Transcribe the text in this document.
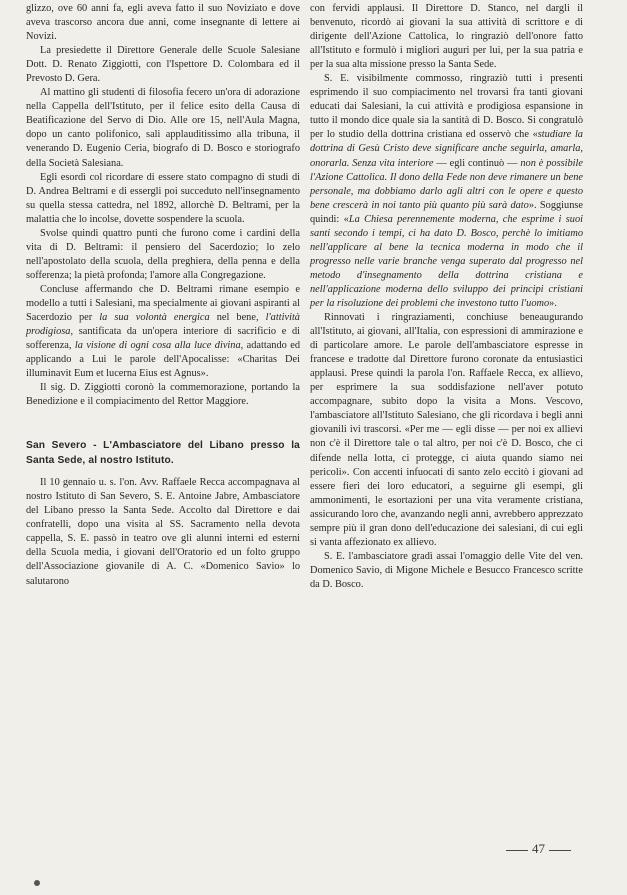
glizzo, ove 60 anni fa, egli aveva fatto il suo Noviziato e dove aveva trascorso ancora due anni, come insegnante di lettere ai Novizi.

La presiedette il Direttore Generale delle Scuole Salesiane Dott. D. Renato Ziggiotti, con l'Ispettore D. Colombara ed il Prevosto D. Gera.

Al mattino gli studenti di filosofia fecero un'ora di adorazione nella Cappella dell'Istituto, per il felice esito della Causa di Beatificazione del Servo di Dio. Alle ore 15, nell'Aula Magna, dopo un canto polifonico, sali applauditissimo alla tribuna, il venerando D. Eugenio Ceria, biografo di D. Bosco e storiografo della Società Salesiana.

Egli esordì col ricordare di essere stato compagno di studi di D. Andrea Beltrami e di essergli poi succeduto nell'insegnamento su quella stessa cattedra, nel 1892, allorchè D. Beltrami, per la malattia che lo incolse, dovette sospendere la scuola.

Svolse quindi quattro punti che furono come i cardini della vita di D. Beltrami: il pensiero del Sacerdozio; lo zelo nell'apostolato della scuola, della preghiera, della penna e della sofferenza; la pietà profonda; l'amore alla Congregazione.

Concluse affermando che D. Beltrami rimane esempio e modello a tutti i Salesiani, ma specialmente ai giovani aspiranti al Sacerdozio per la sua volontà energica nel bene, l'attività prodigiosa, santificata da un'opera interiore di sacrificio e di sofferenza, la visione di ogni cosa alla luce divina, adattando ed applicando a Lui le parole dell'Apocalisse: «Charitas Dei illuminavit Eum et lucerna Eius est Agnus».

Il sig. D. Ziggiotti coronò la commemorazione, portando la Benedizione e il compiacimento del Rettor Maggiore.

San Severo - L'Ambasciatore del Libano presso la Santa Sede, al nostro Istituto.

Il 10 gennaio u. s. l'on. Avv. Raffaele Recca accompagnava al nostro Istituto di San Severo, S. E. Antoine Jabre, Ambasciatore del Libano presso la Santa Sede. Accolto dal Direttore e dai confratelli, dopo una visita al SS. Sacramento nella devota cappella, S. E. passò in teatro ove gli alunni interni ed esterni della Scuola media, i giovani dell'Oratorio ed un folto gruppo dell'Associazione giovanile di A. C. «Domenico Savio» lo salutarono

con fervidi applausi. Il Direttore D. Stanco, nel dargli il benvenuto, ricordò ai giovani la sua attività di scrittore e di dirigente dell'Azione Cattolica, lo ringraziò dell'onore fatto all'Istituto e formulò i migliori auguri per lui, per la sua patria e per la sua alta missione presso la Santa Sede.

S. E. visibilmente commosso, ringraziò tutti i presenti esprimendo il suo compiacimento nel trovarsi fra tanti giovani educati dai Salesiani, la cui attività e prodigiosa espansione in tutto il mondo dice quale sia la santità di D. Bosco. Si congratulò per lo studio della dottrina cristiana ed osservò che «studiare la dottrina di Gesù Cristo deve significare anche seguirla, amarla, onorarla. Senza vita interiore — egli continuò — non è possibile l'Azione Cattolica. Il dono della Fede non deve rimanere un bene personale, ma dobbiamo darlo agli altri con le opere e questo bene crescerà in noi tanto più quanto più sarà dato». Soggiunse quindi: «La Chiesa perennemente moderna, che esprime i suoi santi secondo i tempi, ci ha dato D. Bosco, perchè lo imitiamo nell'applicare al bene la tecnica moderna in modo che il progresso nelle varie branche venga superato dal progresso nel metodo d'insegnamento della dottrina cristiana e nell'applicazione moderna dello sviluppo dei principi cristiani per la risoluzione dei problemi che investono tutto l'uomo».

Rinnovati i ringraziamenti, conchiuse beneaugurando all'Istituto, ai giovani, all'Italia, con espressioni di ammirazione e di particolare amore. Le parole dell'ambasciatore espresse in francese e tradotte dal Direttore furono coronate da entusiastici applausi. Prese quindi la parola l'on. Raffaele Recca, ex allievo, per esprimere la sua soddisfazione nell'aver potuto accompagnare, subito dopo la visita a Mons. Vescovo, l'ambasciatore all'Istituto Salesiano, che gli ricordava i begli anni giovanili ivi trascorsi. «Per me — egli disse — per noi ex allievi non c'è il Direttore tale o tal altro, per noi c'è D. Bosco, che ci difende nella lotta, ci protegge, ci aiuta quando siamo nei pericoli». Con accenti infuocati di santo zelo eccitò i giovani ad essere fieri dei loro educatori, a seguirne gli esempi, gli ammonimenti, le esortazioni per una vita veramente cristiana, assicurando loro che, avanzando negli anni, avrebbero apprezzato sempre più il gran dono dell'educazione dei salesiani, di cui egli si vanta affezionato ex allievo.

S. E. l'ambasciatore gradì assai l'omaggio delle Vite del ven. Domenico Savio, di Migone Michele e Besucco Francesco scritte da D. Bosco.

47
